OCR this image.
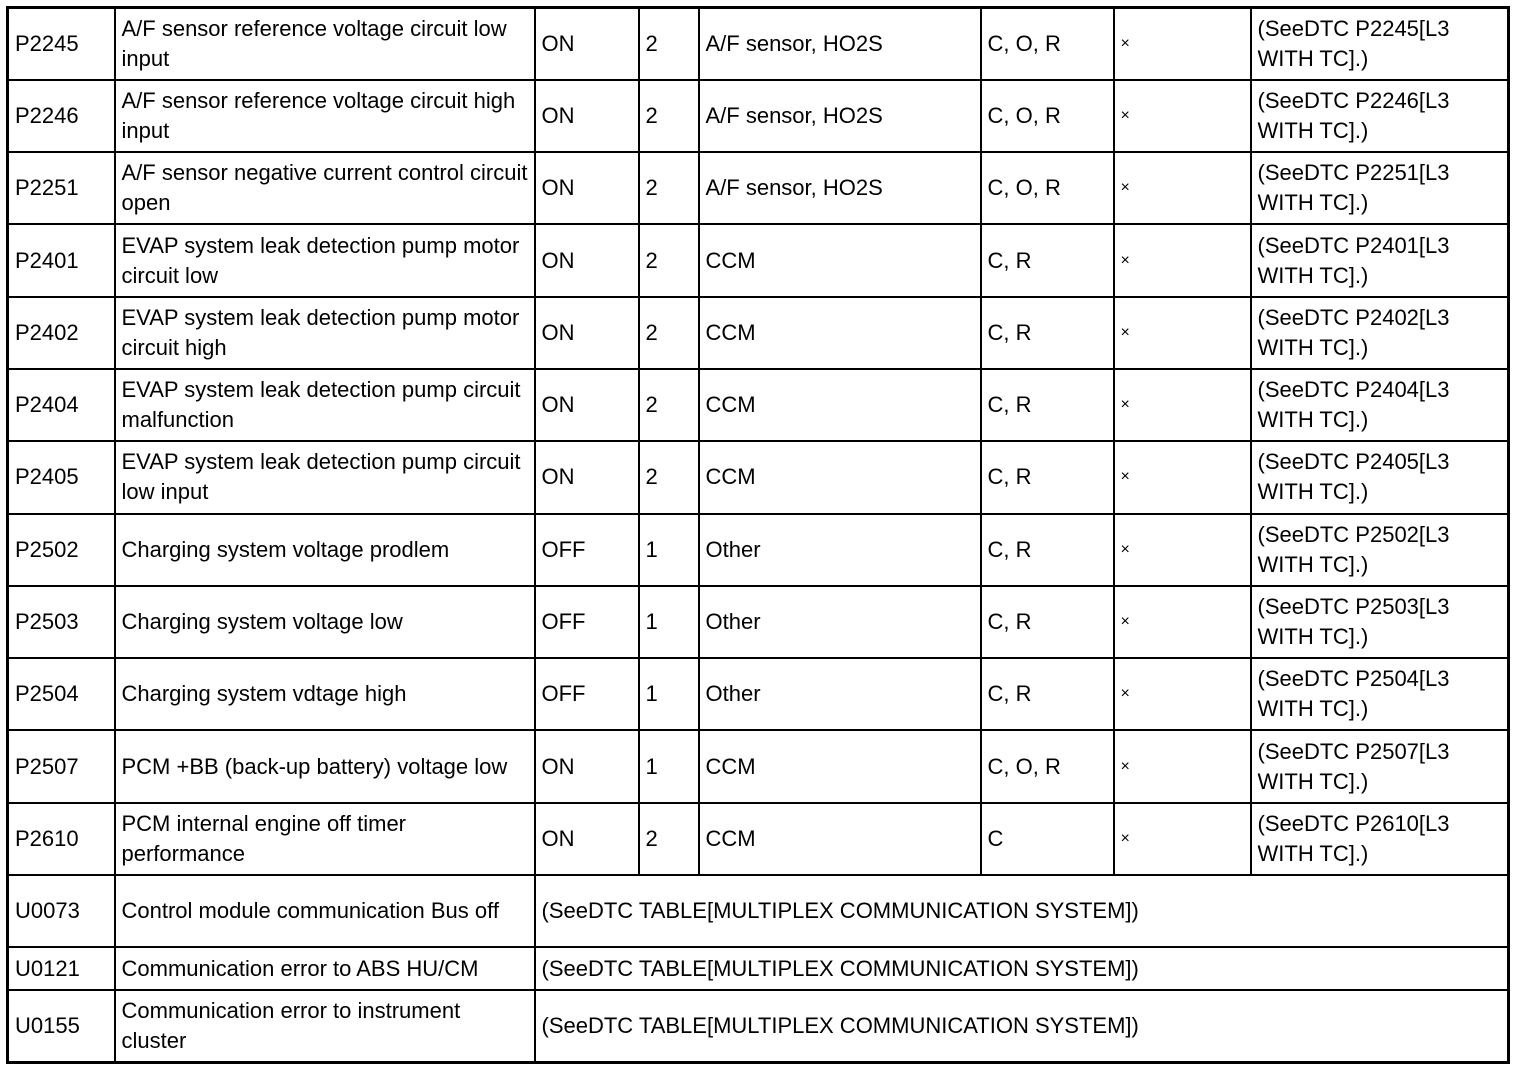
P2245	A/F sensor reference voltage circuit low input	ON	2	A/F sensor, HO2S	C, O, R	×	(SeeDTC P2245[L3 WITH TC].)
P2246	A/F sensor reference voltage circuit high input	ON	2	A/F sensor, HO2S	C, O, R	×	(SeeDTC P2246[L3 WITH TC].)
P2251	A/F sensor negative current control circuit open	ON	2	A/F sensor, HO2S	C, O, R	×	(SeeDTC P2251[L3 WITH TC].)
P2401	EVAP system leak detection pump motor circuit low	ON	2	CCM	C, R	×	(SeeDTC P2401[L3 WITH TC].)
P2402	EVAP system leak detection pump motor circuit high	ON	2	CCM	C, R	×	(SeeDTC P2402[L3 WITH TC].)
P2404	EVAP system leak detection pump circuit malfunction	ON	2	CCM	C, R	×	(SeeDTC P2404[L3 WITH TC].)
P2405	EVAP system leak detection pump circuit low input	ON	2	CCM	C, R	×	(SeeDTC P2405[L3 WITH TC].)
P2502	Charging system voltage prodlem	OFF	1	Other	C, R	×	(SeeDTC P2502[L3 WITH TC].)
P2503	Charging system voltage low	OFF	1	Other	C, R	×	(SeeDTC P2503[L3 WITH TC].)
P2504	Charging system vdtage high	OFF	1	Other	C, R	×	(SeeDTC P2504[L3 WITH TC].)
P2507	PCM +BB (back-up battery) voltage low	ON	1	CCM	C, O, R	×	(SeeDTC P2507[L3 WITH TC].)
P2610	PCM internal engine off timer performance	ON	2	CCM	C	×	(SeeDTC P2610[L3 WITH TC].)
U0073	Control module communication Bus off	(SeeDTC TABLE[MULTIPLEX COMMUNICATION SYSTEM])					
U0121	Communication error to ABS HU/CM	(SeeDTC TABLE[MULTIPLEX COMMUNICATION SYSTEM])					
U0155	Communication error to instrument cluster	(SeeDTC TABLE[MULTIPLEX COMMUNICATION SYSTEM])					
